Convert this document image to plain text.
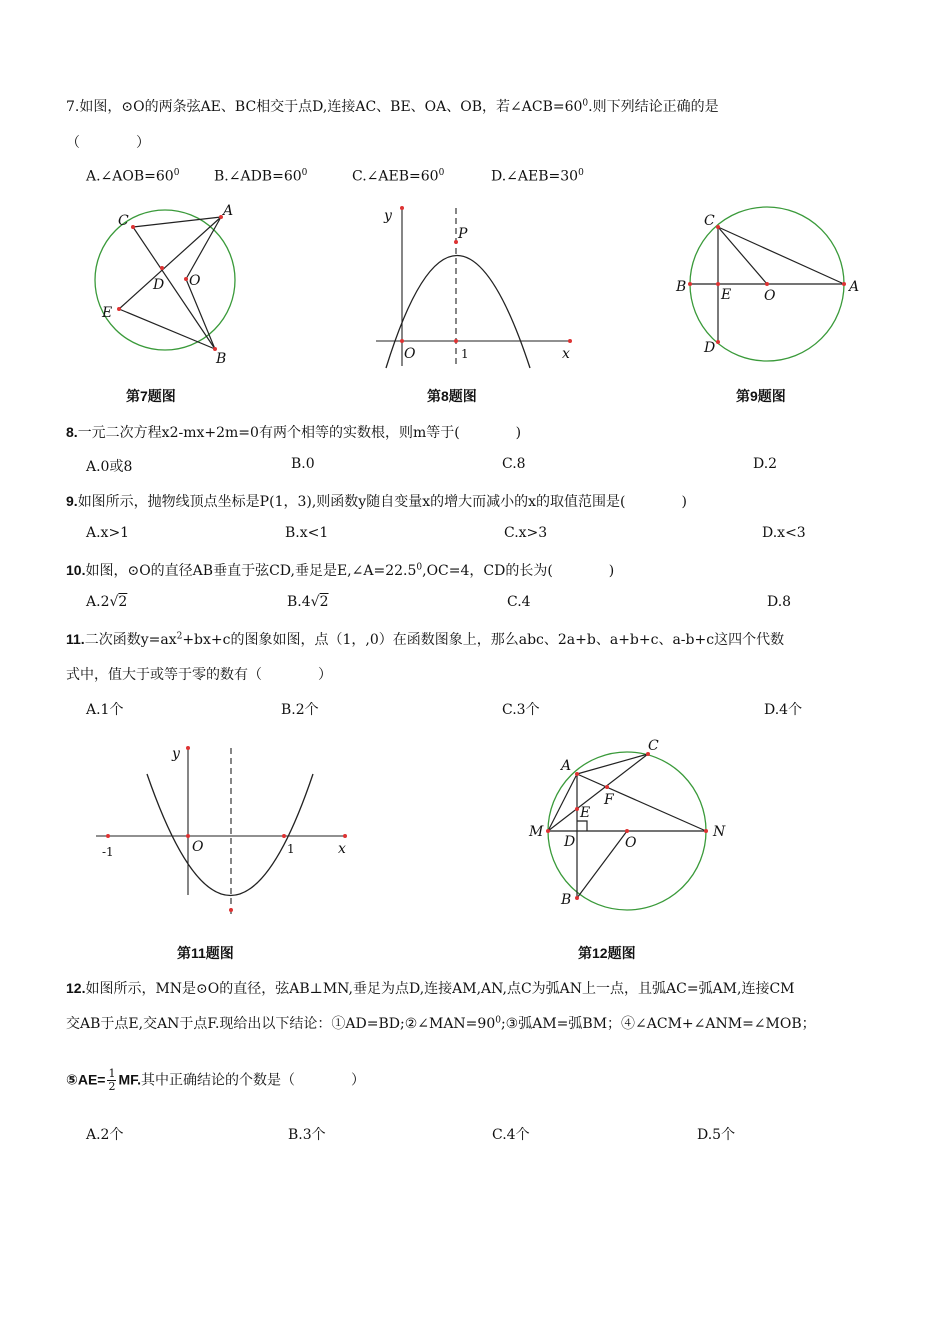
7.如图，⊙O的两条弦AE、BC相交于点D,连接AC、BE、OA、OB，若$\angle ACB=60^0$.则下列结论正确的是
（　　　　）
$A.\angle AOB=60^0$ $B.\angle ADB=60^0$	$C.\angle AEB=60^0$	$D.\angle AEB=30^0$
C
A
D O
E
B
y
P
O	x
1
C
B E O
A
D
第7题图	第8题图	第9题图
8.一元二次方程x2-mx+2m=0有两个相等的实数根，则m等于(　　　　)
A.0或8	B.0	C.8	D.2
9.如图所示，抛物线顶点坐标是P(1，3),则函数y随自变量x的增大而减小的x的取值范围是(　　　　)
A.x>1	B.x<1	C.x>3	D.x<3
10.如图，⊙O的直径AB垂直于弦CD,垂足是$E,\angle A=22.5^0,OC=4$，CD的长为(　　　　)
A.2√2	B.4√2	C.4	D.8
11.二次函数$y=ax^2+bx+c$的图象如图，点（1，,0）在函数图象上，那么abc、2a+b、a+b+c、a-b+c这四个代数
式中，值大于或等于零的数有（　　　　）
A.1个	B.2个	C.3个	D.4个
y
O	x
-1	1
A
C
F
E
M
D	O
N
B
第11题图	第12题图
12.如图所示，MN是⊙O的直径，弦AB⊥MN,垂足为点D,连接AM,AN,点C为弧AN上一点，且弧AC=弧AM,连接CM
交AB于点E,交AN于点F.现给出以下结论：$①AD=BD;②\angle MAN=90^0;③$弧AM=弧BM；④∠ACM+∠ANM=∠MOB；
⑤AE= $\frac{1}{2}$ MF.其中正确结论的个数是（　　　　）
A.2个	B.3个	C.4个	D.5个
